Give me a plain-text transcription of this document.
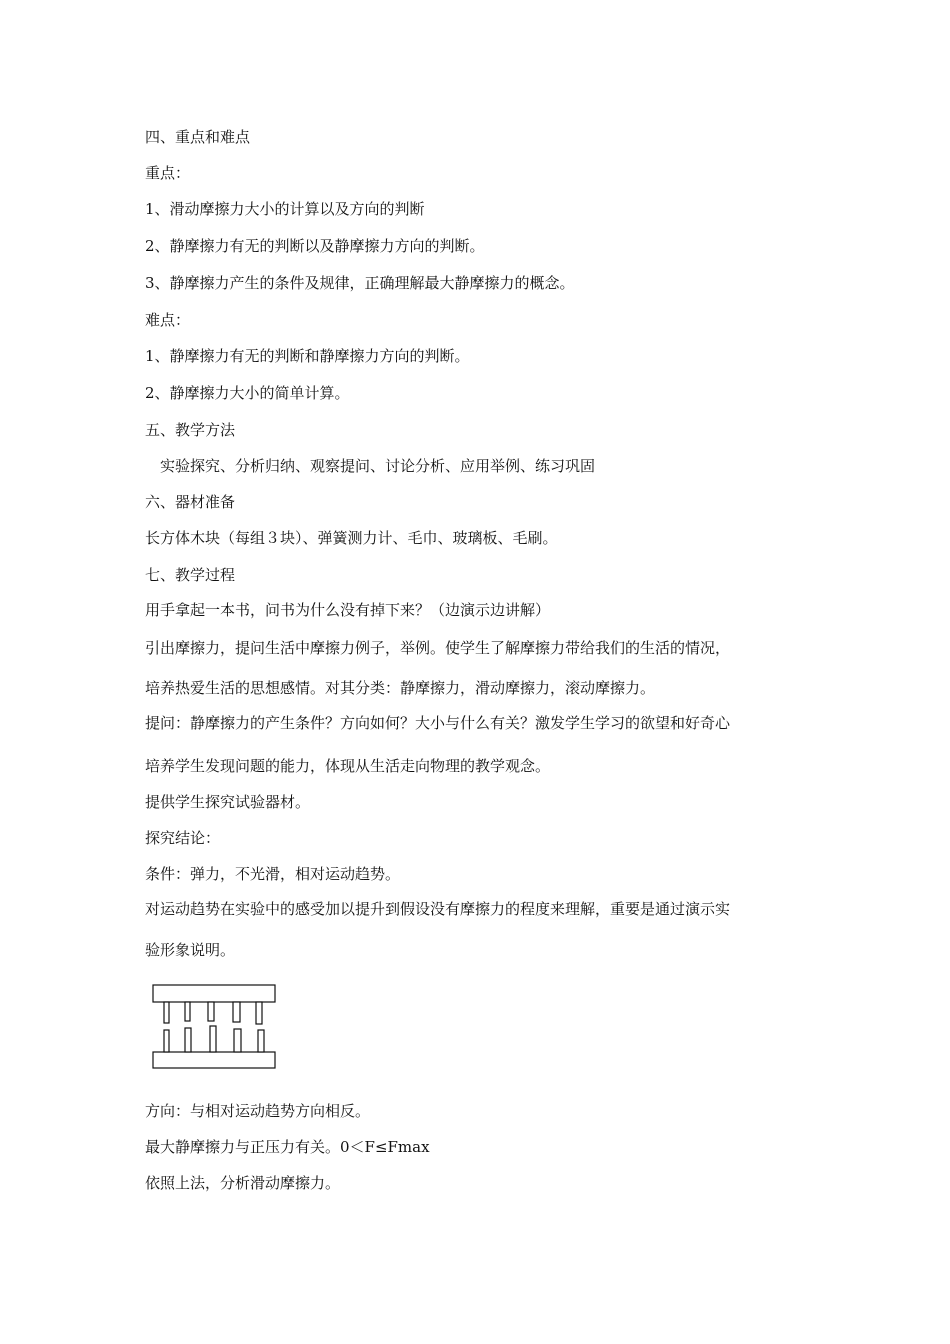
四、重点和难点
重点：
1、滑动摩擦力大小的计算以及方向的判断
2、静摩擦力有无的判断以及静摩擦力方向的判断。
3、静摩擦力产生的条件及规律，正确理解最大静摩擦力的概念。
难点：
1、静摩擦力有无的判断和静摩擦力方向的判断。
2、静摩擦力大小的简单计算。
五、教学方法
实验探究、分析归纳、观察提问、讨论分析、应用举例、练习巩固
六、器材准备
长方体木块（每组３块）、弹簧测力计、毛巾、玻璃板、毛刷。
七、教学过程
用手拿起一本书，问书为什么没有掉下来？（边演示边讲解）
引出摩擦力，提问生活中摩擦力例子，举例。使学生了解摩擦力带给我们的生活的情况，
培养热爱生活的思想感情。对其分类：静摩擦力，滑动摩擦力，滚动摩擦力。
提问：静摩擦力的产生条件？方向如何？大小与什么有关？激发学生学习的欲望和好奇心
培养学生发现问题的能力，体现从生活走向物理的教学观念。
提供学生探究试验器材。
探究结论：
条件：弹力，不光滑，相对运动趋势。
对运动趋势在实验中的感受加以提升到假设没有摩擦力的程度来理解，重要是通过演示实
验形象说明。
方向：与相对运动趋势方向相反。
最大静摩擦力与正压力有关。0＜F≤Fmax
依照上法，分析滑动摩擦力。
